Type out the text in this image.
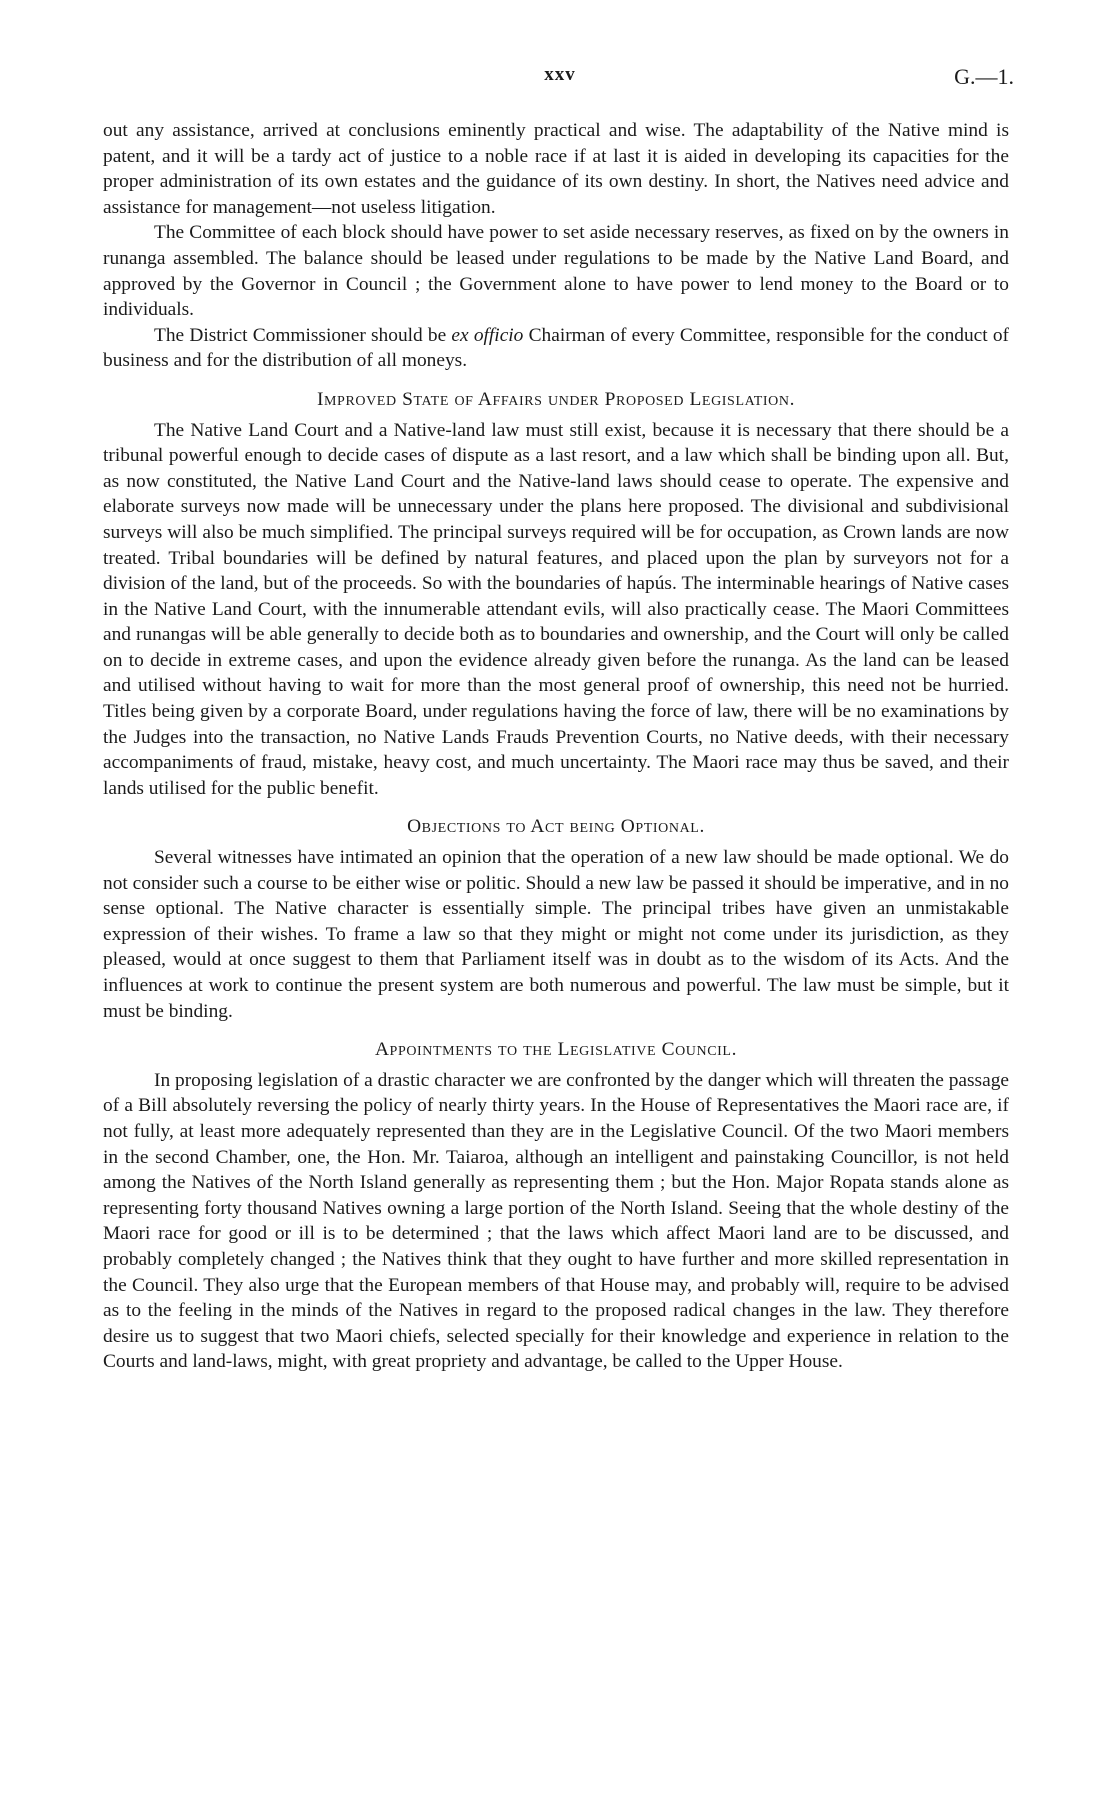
xxv	G.—1.

out any assistance, arrived at conclusions eminently practical and wise. The adaptability of the Native mind is patent, and it will be a tardy act of justice to a noble race if at last it is aided in developing its capacities for the proper administration of its own estates and the guidance of its own destiny. In short, the Natives need advice and assistance for management—not useless litigation.

The Committee of each block should have power to set aside necessary reserves, as fixed on by the owners in runanga assembled. The balance should be leased under regulations to be made by the Native Land Board, and approved by the Governor in Council ; the Government alone to have power to lend money to the Board or to individuals.

The District Commissioner should be ex officio Chairman of every Committee, responsible for the conduct of business and for the distribution of all moneys.

Improved State of Affairs under Proposed Legislation.

The Native Land Court and a Native-land law must still exist, because it is necessary that there should be a tribunal powerful enough to decide cases of dispute as a last resort, and a law which shall be binding upon all. But, as now constituted, the Native Land Court and the Native-land laws should cease to operate. The expensive and elaborate surveys now made will be unnecessary under the plans here proposed. The divisional and subdivisional surveys will also be much simplified. The principal surveys required will be for occupation, as Crown lands are now treated. Tribal boundaries will be defined by natural features, and placed upon the plan by surveyors not for a division of the land, but of the proceeds. So with the boundaries of hapús. The interminable hearings of Native cases in the Native Land Court, with the innumerable attendant evils, will also practically cease. The Maori Committees and runangas will be able generally to decide both as to boundaries and ownership, and the Court will only be called on to decide in extreme cases, and upon the evidence already given before the runanga. As the land can be leased and utilised without having to wait for more than the most general proof of ownership, this need not be hurried. Titles being given by a corporate Board, under regulations having the force of law, there will be no examinations by the Judges into the transaction, no Native Lands Frauds Prevention Courts, no Native deeds, with their necessary accompaniments of fraud, mistake, heavy cost, and much uncertainty. The Maori race may thus be saved, and their lands utilised for the public benefit.

Objections to Act being Optional.

Several witnesses have intimated an opinion that the operation of a new law should be made optional. We do not consider such a course to be either wise or politic. Should a new law be passed it should be imperative, and in no sense optional. The Native character is essentially simple. The principal tribes have given an unmistakable expression of their wishes. To frame a law so that they might or might not come under its jurisdiction, as they pleased, would at once suggest to them that Parliament itself was in doubt as to the wisdom of its Acts. And the influences at work to continue the present system are both numerous and powerful. The law must be simple, but it must be binding.

Appointments to the Legislative Council.

In proposing legislation of a drastic character we are confronted by the danger which will threaten the passage of a Bill absolutely reversing the policy of nearly thirty years. In the House of Representatives the Maori race are, if not fully, at least more adequately represented than they are in the Legislative Council. Of the two Maori members in the second Chamber, one, the Hon. Mr. Taiaroa, although an intelligent and painstaking Councillor, is not held among the Natives of the North Island generally as representing them ; but the Hon. Major Ropata stands alone as representing forty thousand Natives owning a large portion of the North Island. Seeing that the whole destiny of the Maori race for good or ill is to be determined ; that the laws which affect Maori land are to be discussed, and probably completely changed ; the Natives think that they ought to have further and more skilled representation in the Council. They also urge that the European members of that House may, and probably will, require to be advised as to the feeling in the minds of the Natives in regard to the proposed radical changes in the law. They therefore desire us to suggest that two Maori chiefs, selected specially for their knowledge and experience in relation to the Courts and land-laws, might, with great propriety and advantage, be called to the Upper House.
